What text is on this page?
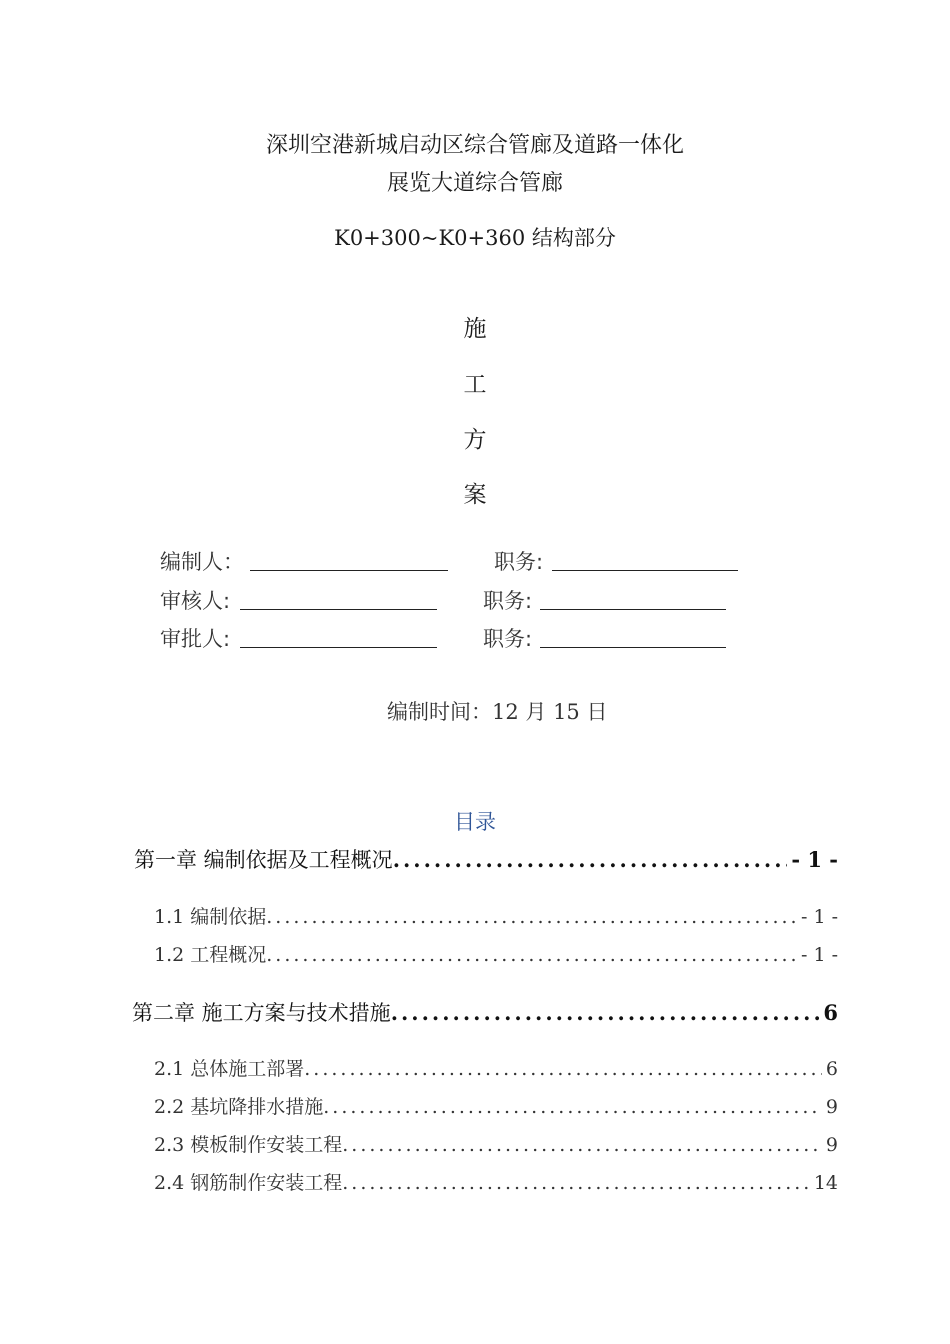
深圳空港新城启动区综合管廊及道路一体化
展览大道综合管廊
K0+300~K0+360 结构部分
施
工
方
案
编制人：	职务:
审核人:	职务:
审批人:	职务:
编制时间：12 月 15 日
目录
第一章 编制依据及工程概况 .....	- 1 -
1.1 编制依据 .....	- 1 -
1.2 工程概况 .....	- 1 -
第二章 施工方案与技术措施 .....	6
2.1 总体施工部署 .....	6
2.2 基坑降排水措施 .....	9
2.3 模板制作安装工程 .....	9
2.4 钢筋制作安装工程 .....	14
